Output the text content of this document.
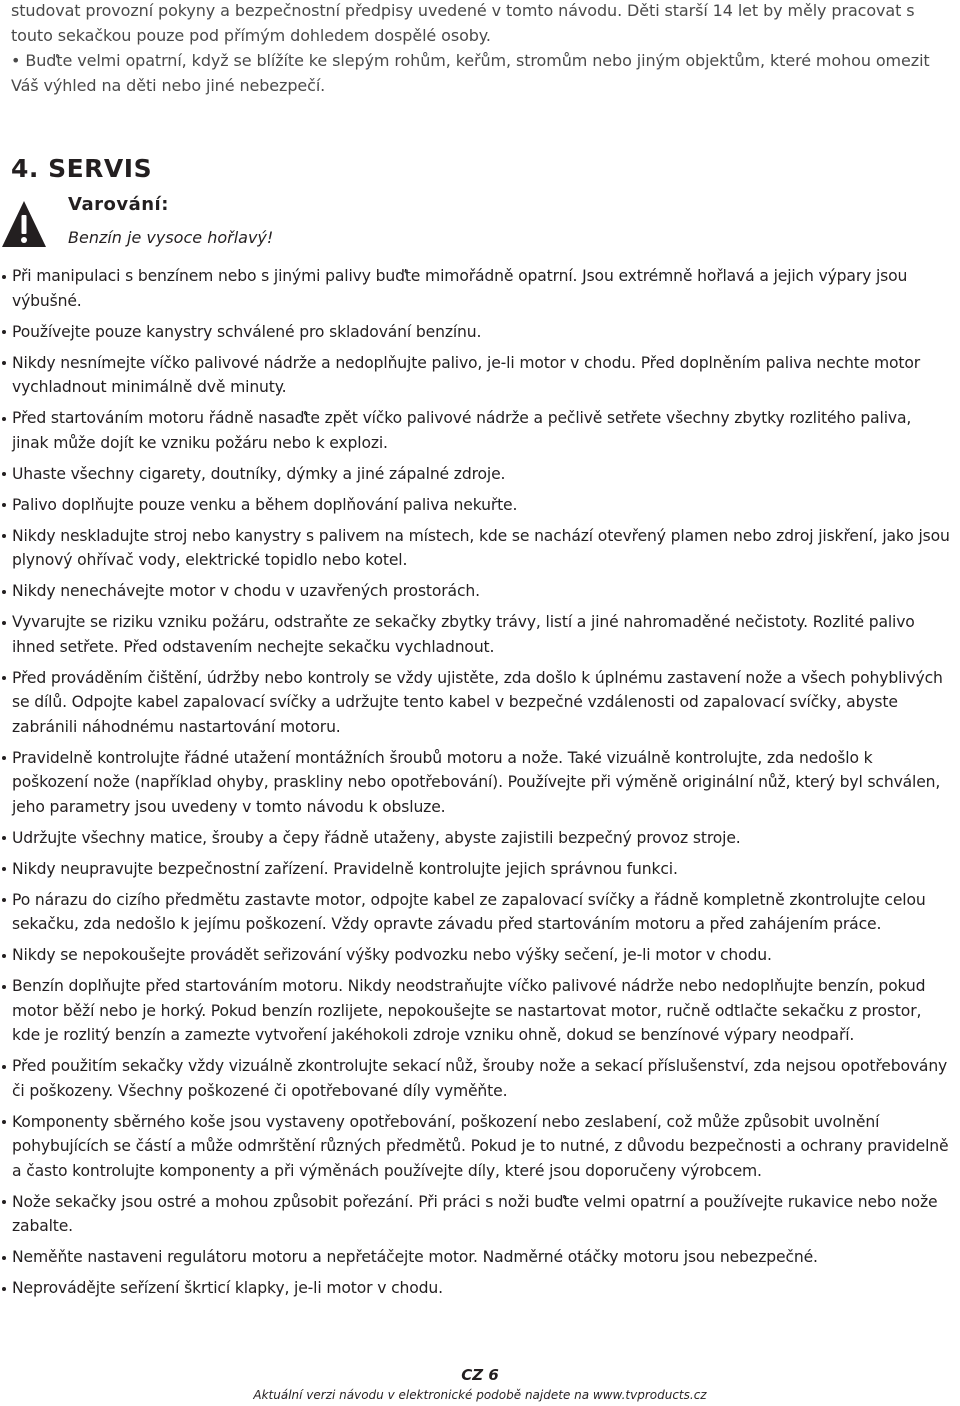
studovat provozní pokyny a bezpečnostní předpisy uvedené v tomto návodu. Děti starší 14 let by měly pracovat s touto sekačkou pouze pod přímým dohledem dospělé osoby.

• Buďte velmi opatrní, když se blížíte ke slepým rohům, keřům, stromům nebo jiným objektům, které mohou omezit Váš výhled na děti nebo jiné nebezpečí.

4. SERVIS
Varování:
Benzín je vysoce hořlavý!
Při manipulaci s benzínem nebo s jinými palivy buďte mimořádně opatrní. Jsou extrémně hořlavá a jejich výpary jsou výbušné.
Používejte pouze kanystry schválené pro skladování benzínu.
Nikdy nesnímejte víčko palivové nádrže a nedoplňujte palivo, je-li motor v chodu. Před doplněním paliva nechte motor vychladnout minimálně dvě minuty.
Před startováním motoru řádně nasaďte zpět víčko palivové nádrže a pečlivě setřete všechny zbytky rozlitého paliva, jinak může dojít ke vzniku požáru nebo k explozi.
Uhaste všechny cigarety, doutníky, dýmky a jiné zápalné zdroje.
Palivo doplňujte pouze venku a během doplňování paliva nekuřte.
Nikdy neskladujte stroj nebo kanystry s palivem na místech, kde se nachází otevřený plamen nebo zdroj jiskření, jako jsou plynový ohřívač vody, elektrické topidlo nebo kotel.
Nikdy nenechávejte motor v chodu v uzavřených prostorách.
Vyvarujte se riziku vzniku požáru, odstraňte ze sekačky zbytky trávy, listí a jiné nahromaděné nečistoty. Rozlité palivo ihned setřete. Před odstavením nechejte sekačku vychladnout.
Před prováděním čištění, údržby nebo kontroly se vždy ujistěte, zda došlo k úplnému zastavení nože a všech pohyblivých se dílů. Odpojte kabel zapalovací svíčky a udržujte tento kabel v bezpečné vzdálenosti od zapalovací svíčky, abyste zabránili náhodnému nastartování motoru.
Pravidelně kontrolujte řádné utažení montážních šroubů motoru a nože. Také vizuálně kontrolujte, zda nedošlo k poškození nože (například ohyby, praskliny nebo opotřebování). Používejte při výměně originální nůž, který byl schválen, jeho parametry jsou uvedeny v tomto návodu k obsluze.
Udržujte všechny matice, šrouby a čepy řádně utaženy, abyste zajistili bezpečný provoz stroje.
Nikdy neupravujte bezpečnostní zařízení. Pravidelně kontrolujte jejich správnou funkci.
Po nárazu do cizího předmětu zastavte motor, odpojte kabel ze zapalovací svíčky a řádně kompletně zkontrolujte celou sekačku, zda nedošlo k jejímu poškození. Vždy opravte závadu před startováním motoru a před zahájením práce.
Nikdy se nepokoušejte provádět seřizování výšky podvozku nebo výšky sečení, je-li motor v chodu.
Benzín doplňujte před startováním motoru. Nikdy neodstraňujte víčko palivové nádrže nebo nedoplňujte benzín, pokud motor běží nebo je horký. Pokud benzín rozlijete, nepokoušejte se nastartovat motor, ručně odtlačte sekačku z prostor, kde je rozlitý benzín a zamezte vytvoření jakéhokoli zdroje vzniku ohně, dokud se benzínové výpary neodpaří.
Před použitím sekačky vždy vizuálně zkontrolujte sekací nůž, šrouby nože a sekací příslušenství, zda nejsou opotřebovány či poškozeny. Všechny poškozené či opotřebované díly vyměňte.
Komponenty sběrného koše jsou vystaveny opotřebování, poškození nebo zeslabení, což může způsobit uvolnění pohybujících se částí a může odmrštění různých předmětů. Pokud je to nutné, z důvodu bezpečnosti a ochrany pravidelně a často kontrolujte komponenty a při výměnách používejte díly, které jsou doporučeny výrobcem.
Nože sekačky jsou ostré a mohou způsobit pořezání. Při práci s noži buďte velmi opatrní a používejte rukavice nebo nože zabalte.
Neměňte nastaveni regulátoru motoru a nepřetáčejte motor. Nadměrné otáčky motoru jsou nebezpečné.
Neprovádějte seřízení škrticí klapky, je-li motor v chodu.
CZ 6
Aktuální verzi návodu v elektronické podobě najdete na www.tvproducts.cz
